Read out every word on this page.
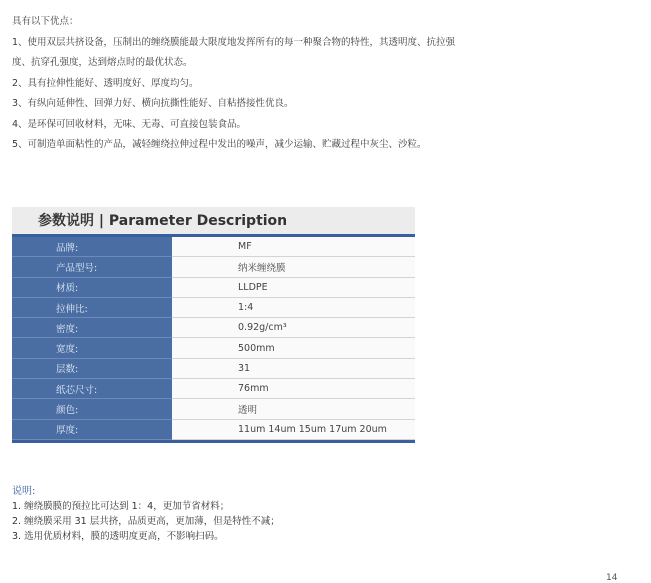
具有以下优点：
1、使用双层共挤设备，压制出的缠绕膜能最大限度地发挥所有的每一种聚合物的特性，其透明度、抗拉强
度、抗穿孔强度，达到熔点时的最优状态。
2、具有拉伸性能好、透明度好、厚度均匀。
3、有纵向延伸性、回弹力好、横向抗撕性能好、自粘搭接性优良。
4、是环保可回收材料，无味、无毒、可直接包装食品。
5、可制造单面粘性的产品，减轻缠绕拉伸过程中发出的噪声，减少运输、贮藏过程中灰尘、沙粒。
参数说明 | Parameter Description
品牌:	MF
产品型号:	纳米缠绕膜
材质:	LLDPE
拉伸比:	1:4
密度:	0.92g/cm³
宽度:	500mm
层数:	31
纸芯尺寸:	76mm
颜色:	透明
厚度:	11um 14um 15um 17um 20um
说明:
1. 缠绕膜膜的预拉比可达到 1：4，更加节省材料；
2. 缠绕膜采用 31 层共挤，品质更高，更加薄，但是特性不减；
3. 选用优质材料，膜的透明度更高，不影响扫码。
14
